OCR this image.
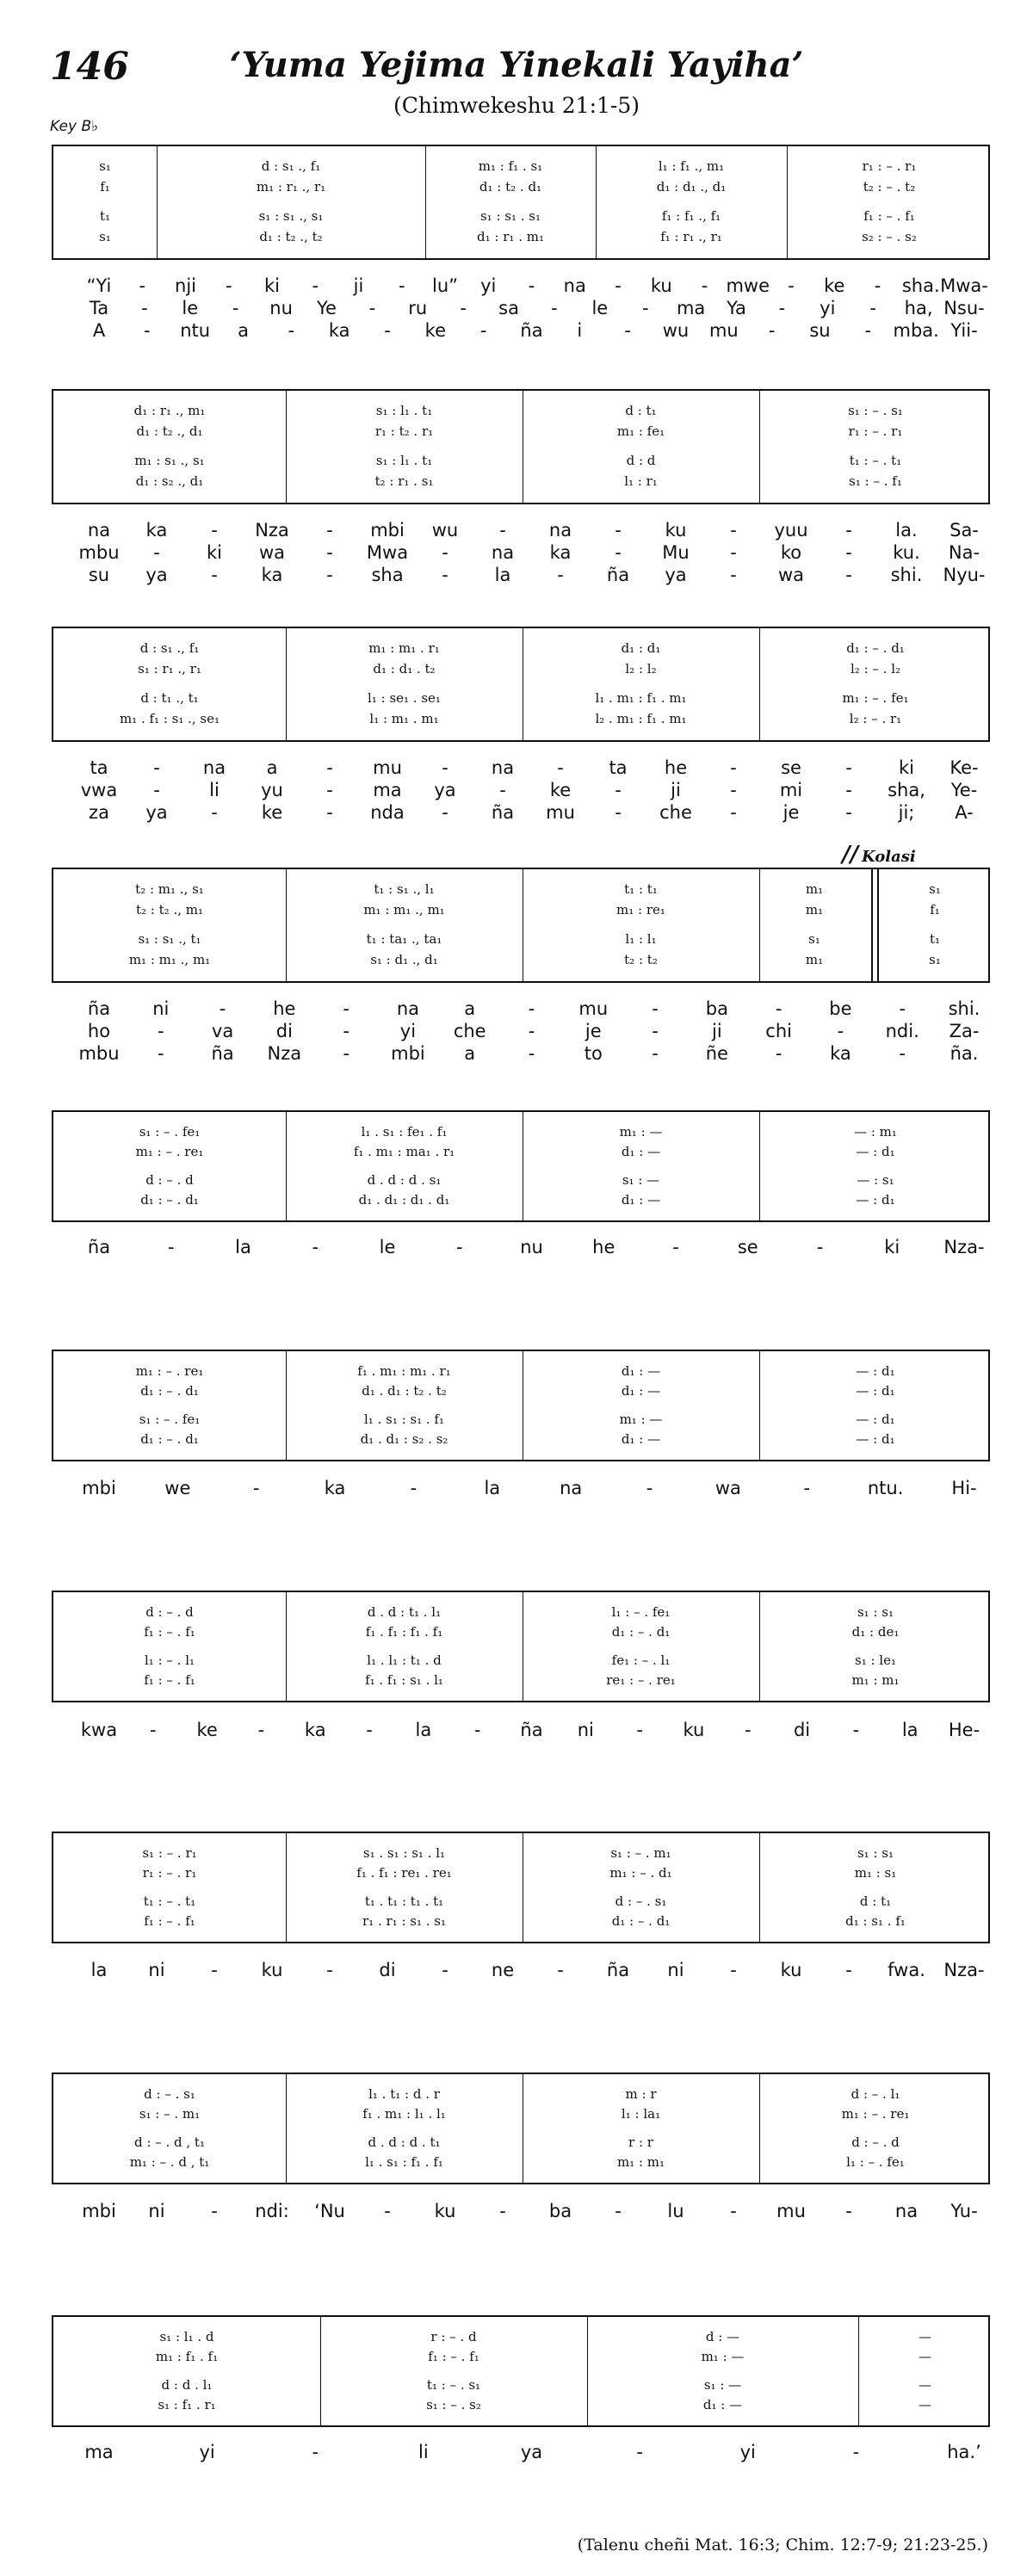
146	‘Yuma Yejima Yinekali Yayiha’
(Chimwekeshu 21:1-5)
Key B♭
// Kolasi
s₁	d : s₁ ., f₁	m₁ : f₁ . s₁	l₁ : f₁ ., m₁	r₁ : – . r₁
f₁	m₁ : r₁ ., r₁	d₁ : t₂ . d₁	d₁ : d₁ ., d₁	t₂ : – . t₂
t₁	s₁ : s₁ ., s₁	s₁ : s₁ . s₁	f₁ : f₁ ., f₁	f₁ : – . f₁
s₁	d₁ : t₂ ., t₂	d₁ : r₁ . m₁	f₁ : r₁ ., r₁	s₂ : – . s₂
“Yi - nji - ki - ji - lu” yi - na - ku - mwe - ke - sha. Mwa-
Ta - le - nu Ye - ru - sa - le - ma Ya - yi - ha, Nsu-
A - ntu a - ka - ke - ña i - wu mu - su - mba. Yii-
d₁ : r₁ ., m₁	s₁ : l₁ . t₁	d : t₁	s₁ : – . s₁
d₁ : t₂ ., d₁	r₁ : t₂ . r₁	m₁ : fe₁	r₁ : – . r₁
m₁ : s₁ ., s₁	s₁ : l₁ . t₁	d : d	t₁ : – . t₁
d₁ : s₂ ., d₁	t₂ : r₁ . s₁	l₁ : r₁	s₁ : – . f₁
na ka - Nza - mbi wu - na - ku - yuu - la. Sa-
mbu -	ki wa - Mwa - na ka - Mu - ko - ku. Na-
su ya - ka - sha -	la	- ña ya - wa - shi. Nyu-
d : s₁ ., f₁	m₁ : m₁ . r₁	d₁ : d₁	d₁ : – . d₁
s₁ : r₁ ., r₁	d₁ : d₁ . t₂	l₂ : l₂	l₂ : – . l₂
d : t₁ ., t₁	l₁ : se₁ . se₁	l₁ . m₁ : f₁ . m₁	m₁ : – . fe₁
m₁ . f₁ : s₁ ., se₁	l₁ : m₁ . m₁	l₂ . m₁ : f₁ . m₁	l₂ : – . r₁
ta	- na a	- mu - na -	ta he - se -	ki Ke-
vwa -	li yu - ma ya - ke -	ji	- mi - sha, Ye-
za ya - ke - nda - ña mu - che -	je	-	ji; A-
t₂ : m₁ ., s₁	t₁ : s₁ ., l₁	t₁ : t₁	m₁	s₁
t₂ : t₂ ., m₁	m₁ : m₁ ., m₁	m₁ : re₁	m₁	f₁
s₁ : s₁ ., t₁	t₁ : ta₁ ., ta₁	l₁ : l₁	s₁	t₁
m₁ : m₁ ., m₁	s₁ : d₁ ., d₁	t₂ : t₂	m₁	s₁
ña ni	-	he	-	na a	- mu -	ba	-	be	- shi.
ho	-	va di	-	yi che -	je	-	ji chi	- ndi. Za-
mbu -	ña Nza - mbi a	-	to	-	ñe	-	ka	- ña.
s₁ : – . fe₁	l₁ . s₁ : fe₁ . f₁	m₁ : —	— : m₁
m₁ : – . re₁	f₁ . m₁ : ma₁ . r₁	d₁ : —	— : d₁
d : – . d	d . d : d . s₁	s₁ : —	— : s₁
d₁ : – . d₁	d₁ . d₁ : d₁ . d₁	d₁ : —	— : d₁
ña	-	la	-	le	-	nu	he	-	se	-	ki Nza-
m₁ : – . re₁	f₁ . m₁ : m₁ . r₁	d₁ : —	— : d₁
d₁ : – . d₁	d₁ . d₁ : t₂ . t₂	d₁ : —	— : d₁
s₁ : – . fe₁	l₁ . s₁ : s₁ . f₁	m₁ : —	— : d₁
d₁ : – . d₁	d₁ . d₁ : s₂ . s₂	d₁ : —	— : d₁
mbi	we	-	ka	-	la	na	-	wa	-	ntu.	Hi-
d : – . d	d . d : t₁ . l₁	l₁ : – . fe₁	s₁ : s₁
f₁ : – . f₁	f₁ . f₁ : f₁ . f₁	d₁ : – . d₁	d₁ : de₁
l₁ : – . l₁	l₁ . l₁ : t₁ . d	fe₁ : – . l₁	s₁ : le₁
f₁ : – . f₁	f₁ . f₁ : s₁ . l₁	re₁ : – . re₁	m₁ : m₁
kwa - ke - ka - la - ña ni - ku - di - la He-
s₁ : – . r₁	s₁ . s₁ : s₁ . l₁	s₁ : – . m₁	s₁ : s₁
r₁ : – . r₁	f₁ . f₁ : re₁ . re₁	m₁ : – . d₁	m₁ : s₁
t₁ : – . t₁	t₁ . t₁ : t₁ . t₁	d : – . s₁	d : t₁
f₁ : – . f₁	r₁ . r₁ : s₁ . s₁	d₁ : – . d₁	d₁ : s₁ . f₁
la ni	- ku -	di	- ne - ña ni	- ku - fwa. Nza-
d : – . s₁	l₁ . t₁ : d . r	m : r	d : – . l₁
s₁ : – . m₁	f₁ . m₁ : l₁ . l₁	l₁ : la₁	m₁ : – . re₁
d : – . d , t₁	d . d : d . t₁	r : r	d : – . d
m₁ : – . d , t₁	l₁ . s₁ : f₁ . f₁	m₁ : m₁	l₁ : – . fe₁
mbi ni	- ndi: ‘Nu - ku - ba -	lu	- mu - na Yu-
s₁ : l₁ . d	r : – . d	d : —	—
m₁ : f₁ . f₁	f₁ : – . f₁	m₁ : —	—
d : d . l₁	t₁ : – . s₁	s₁ : —	—
s₁ : f₁ . r₁	s₁ : – . s₂	d₁ : —	—
ma	yi	-	li	ya	-	yi	-	ha.’
(Talenu cheñi Mat. 16:3; Chim. 12:7-9; 21:23-25.)
